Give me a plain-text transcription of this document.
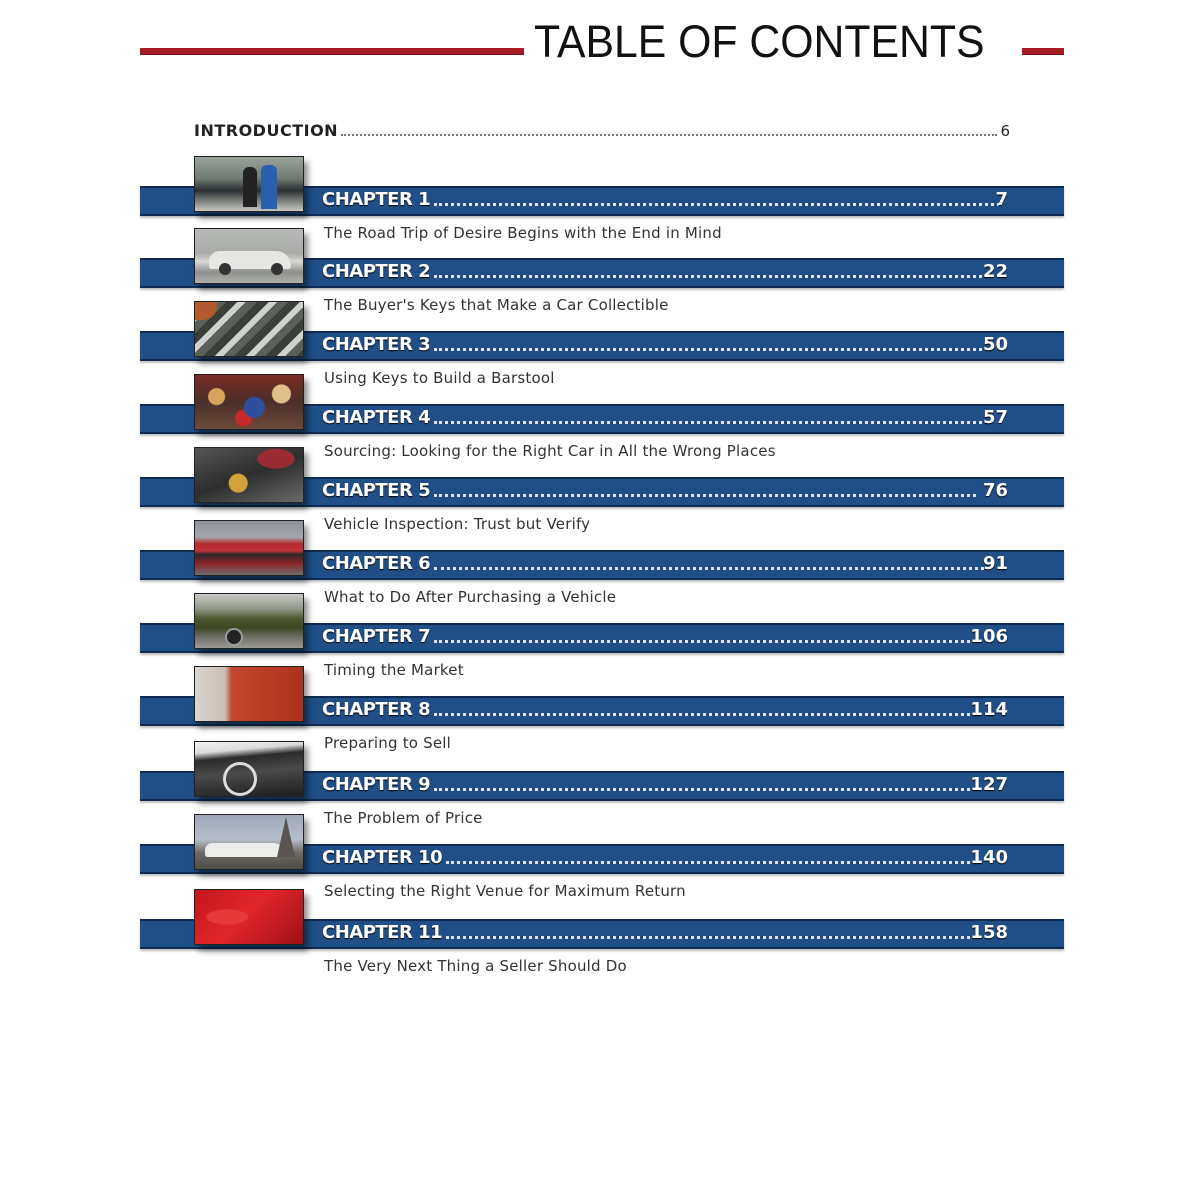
TABLE OF CONTENTS
INTRODUCTION	6
CHAPTER 1	7
The Road Trip of Desire Begins with the End in Mind
CHAPTER 2	22
The Buyer's Keys that Make a Car Collectible
CHAPTER 3	50
Using Keys to Build a Barstool
CHAPTER 4	57
Sourcing: Looking for the Right Car in All the Wrong Places
CHAPTER 5	76
Vehicle Inspection: Trust but Verify
CHAPTER 6	91
What to Do After Purchasing a Vehicle
CHAPTER 7	106
Timing the Market
CHAPTER 8	114
Preparing to Sell
CHAPTER 9	127
The Problem of Price
CHAPTER 10	140
Selecting the Right Venue for Maximum Return
CHAPTER 11	158
The Very Next Thing a Seller Should Do
